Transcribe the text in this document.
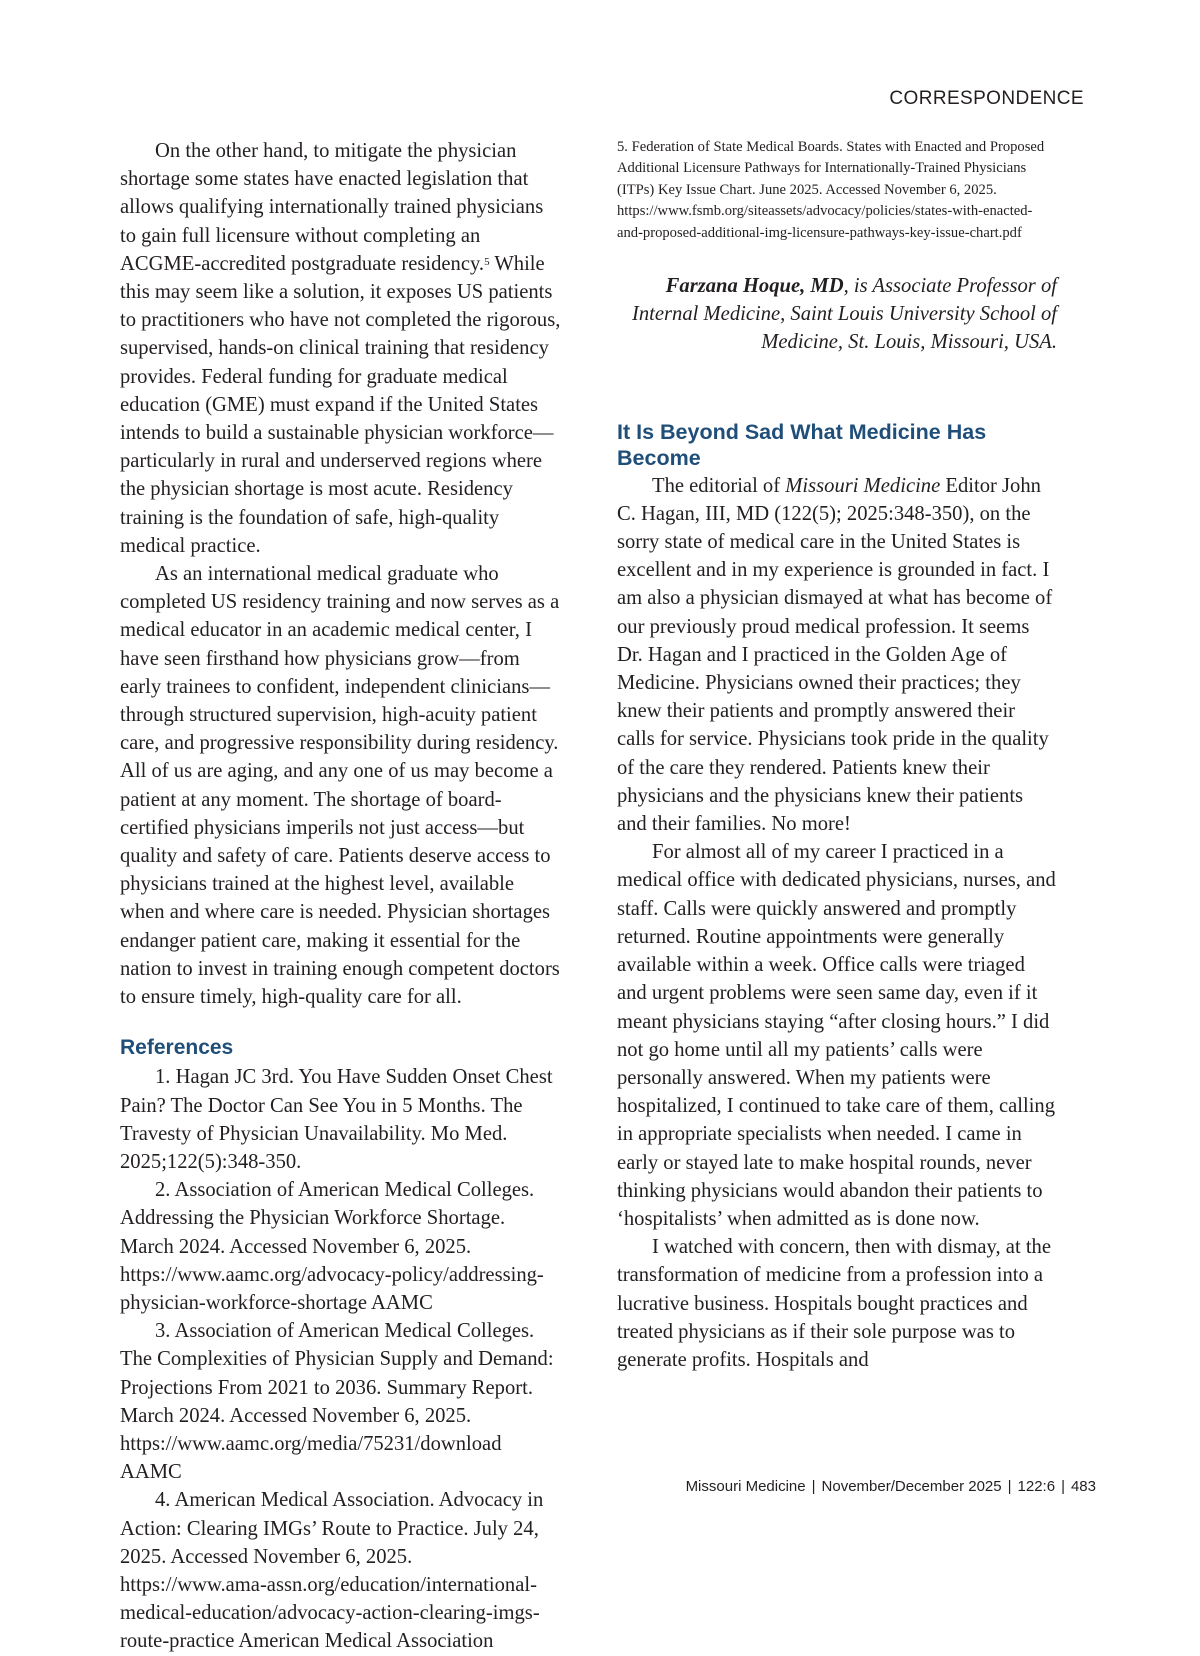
CORRESPONDENCE

On the other hand, to mitigate the physician shortage some states have enacted legislation that allows qualifying internationally trained physicians to gain full licensure without completing an ACGME-accredited postgraduate residency.$^5$ While this may seem like a solution, it exposes US patients to practitioners who have not completed the rigorous, supervised, hands-on clinical training that residency provides. Federal funding for graduate medical education (GME) must expand if the United States intends to build a sustainable physician workforce—particularly in rural and underserved regions where the physician shortage is most acute. Residency training is the foundation of safe, high-quality medical practice.

As an international medical graduate who completed US residency training and now serves as a medical educator in an academic medical center, I have seen firsthand how physicians grow—from early trainees to confident, independent clinicians—through structured supervision, high-acuity patient care, and progressive responsibility during residency. All of us are aging, and any one of us may become a patient at any moment. The shortage of board-certified physicians imperils not just access—but quality and safety of care. Patients deserve access to physicians trained at the highest level, available when and where care is needed. Physician shortages endanger patient care, making it essential for the nation to invest in training enough competent doctors to ensure timely, high-quality care for all.

References

1. Hagan JC 3rd. You Have Sudden Onset Chest Pain? The Doctor Can See You in 5 Months. The Travesty of Physician Unavailability. Mo Med. 2025;122(5):348-350.

2. Association of American Medical Colleges. Addressing the Physician Workforce Shortage. March 2024. Accessed November 6, 2025. https://www.aamc.org/advocacy-policy/addressing-physician-workforce-shortage AAMC

3. Association of American Medical Colleges. The Complexities of Physician Supply and Demand: Projections From 2021 to 2036. Summary Report. March 2024. Accessed November 6, 2025. https://www.aamc.org/media/75231/download AAMC

4. American Medical Association. Advocacy in Action: Clearing IMGs’ Route to Practice. July 24, 2025. Accessed November 6, 2025. https://www.ama-assn.org/education/international-medical-education/advocacy-action-clearing-imgs-route-practice American Medical Association

5. Federation of State Medical Boards. States with Enacted and Proposed Additional Licensure Pathways for Internationally-Trained Physicians (ITPs) Key Issue Chart. June 2025. Accessed November 6, 2025. https://www.fsmb.org/siteassets/advocacy/policies/states-with-enacted-and-proposed-additional-img-licensure-pathways-key-issue-chart.pdf

Farzana Hoque, MD, is Associate Professor of Internal Medicine, Saint Louis University School of Medicine, St. Louis, Missouri, USA.

It Is Beyond Sad What Medicine Has Become

The editorial of Missouri Medicine Editor John C. Hagan, III, MD (122(5); 2025:348-350), on the sorry state of medical care in the United States is excellent and in my experience is grounded in fact. I am also a physician dismayed at what has become of our previously proud medical profession. It seems Dr. Hagan and I practiced in the Golden Age of Medicine. Physicians owned their practices; they knew their patients and promptly answered their calls for service. Physicians took pride in the quality of the care they rendered. Patients knew their physicians and the physicians knew their patients and their families. No more!

For almost all of my career I practiced in a medical office with dedicated physicians, nurses, and staff. Calls were quickly answered and promptly returned. Routine appointments were generally available within a week. Office calls were triaged and urgent problems were seen same day, even if it meant physicians staying “after closing hours.” I did not go home until all my patients’ calls were personally answered. When my patients were hospitalized, I continued to take care of them, calling in appropriate specialists when needed. I came in early or stayed late to make hospital rounds, never thinking physicians would abandon their patients to ‘hospitalists’ when admitted as is done now.

I watched with concern, then with dismay, at the transformation of medicine from a profession into a lucrative business. Hospitals bought practices and treated physicians as if their sole purpose was to generate profits. Hospitals and

Missouri Medicine | November/December 2025 | 122:6 | 483
